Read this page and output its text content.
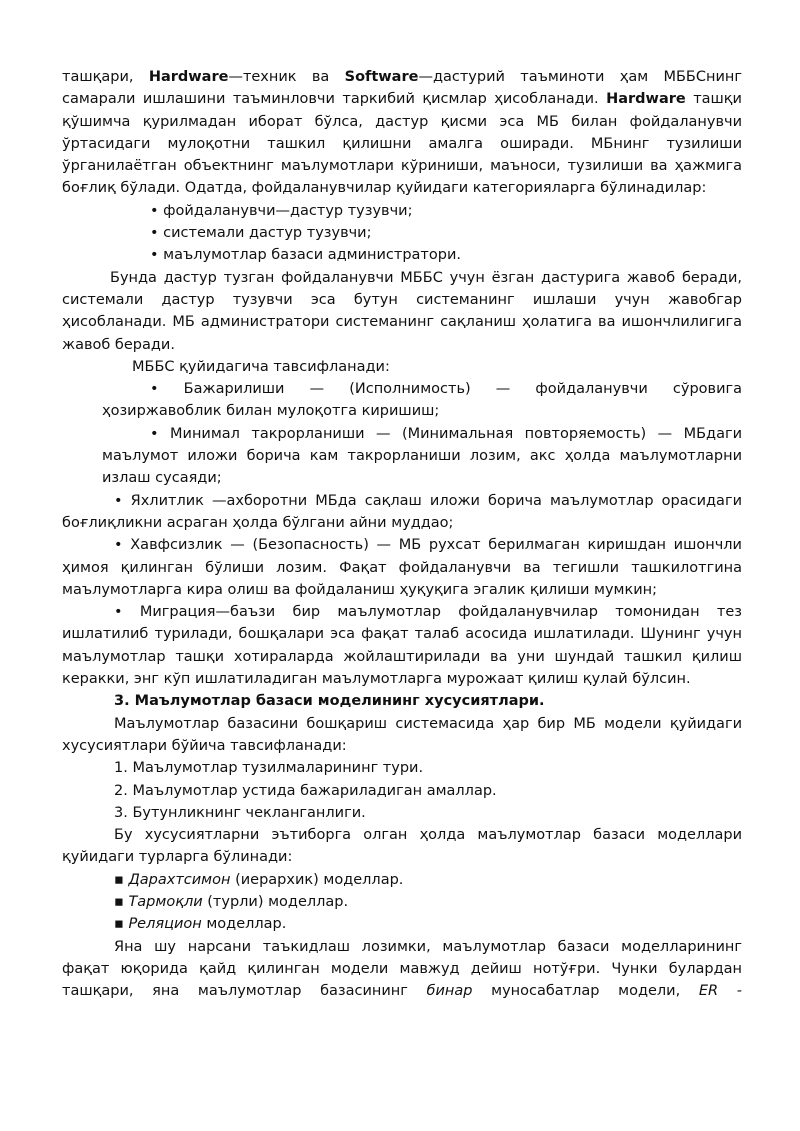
ташқари, Hardware—техник ва Software—дастурий таъминоти ҳам МББСнинг самарали ишлашини таъминловчи таркибий қисмлар ҳисобланади. Hardware ташқи қўшимча қурилмадан иборат бўлса, дастур қисми эса МБ билан фойдаланувчи ўртасидаги мулоқотни ташкил қилишни амалга оширади. МБнинг тузилиши ўрганилаётган объектнинг маълумотлари кўриниши, маъноси, тузилиши ва ҳажмига боғлиқ бўлади. Одатда, фойдаланувчилар қуйидаги категорияларга бўлинадилар:

• фойдаланувчи—дастур тузувчи;

• системали дастур тузувчи;

• маълумотлар базаси администратори.

Бунда дастур тузган фойдаланувчи МББС учун ёзган дастурига жавоб беради, системали дастур тузувчи эса бутун системанинг ишлаши учун жавобгар ҳисобланади. МБ администратори системанинг сақланиш ҳолатига ва ишончлилигига жавоб беради.

МББС қуйидагича тавсифланади:

• Бажарилиши — (Исполнимость) — фойдаланувчи сўровига ҳозиржавоблик билан мулоқотга киришиш;

• Минимал такрорланиши — (Минимальная повторяемость) — МБдаги маълумот иложи борича кам такрорланиши лозим, акс ҳолда маълумотларни излаш сусаяди;

• Яхлитлик —ахборотни МБда сақлаш иложи борича маълумотлар орасидаги боғлиқликни асраган ҳолда бўлгани айни муддао;

• Хавфсизлик — (Безопасность) — МБ рухсат берилмаган киришдан ишончли ҳимоя қилинган бўлиши лозим. Фақат фойдаланувчи ва тегишли ташкилотгина маълумотларга кира олиш ва фойдаланиш ҳуқуқига эгалик қилиши мумкин;

• Миграция—баъзи бир маълумотлар фойдаланувчилар томонидан тез ишлатилиб турилади, бошқалари эса фақат талаб асосида ишлатилади. Шунинг учун маълумотлар ташқи хотираларда жойлаштирилади ва уни шундай ташкил қилиш керакки, энг кўп ишлатиладиган маълумотларга мурожаат қилиш қулай бўлсин.

3. Маълумотлар базаси моделининг хусусиятлари.

Маълумотлар базасини бошқариш системасида ҳар бир МБ модели қуйидаги хусусиятлари бўйича тавсифланади:

1. Маълумотлар тузилмаларининг тури.

2. Маълумотлар устида бажариладиган амаллар.

3. Бутунликнинг чекланганлиги.

Бу хусусиятларни эътиборга олган ҳолда маълумотлар базаси моделлари қуйидаги турларга бўлинади:

▪ Дарахтсимон (иерархик) моделлар.

▪ Тармоқли (турли) моделлар.

▪ Реляцион моделлар.

Яна шу нарсани таъкидлаш лозимки, маълумотлар базаси моделларининг фақат юқорида қайд қилинган модели мавжуд дейиш нотўғри. Чунки булардан ташқари, яна маълумотлар базасининг бинар муносабатлар модели, ER -
